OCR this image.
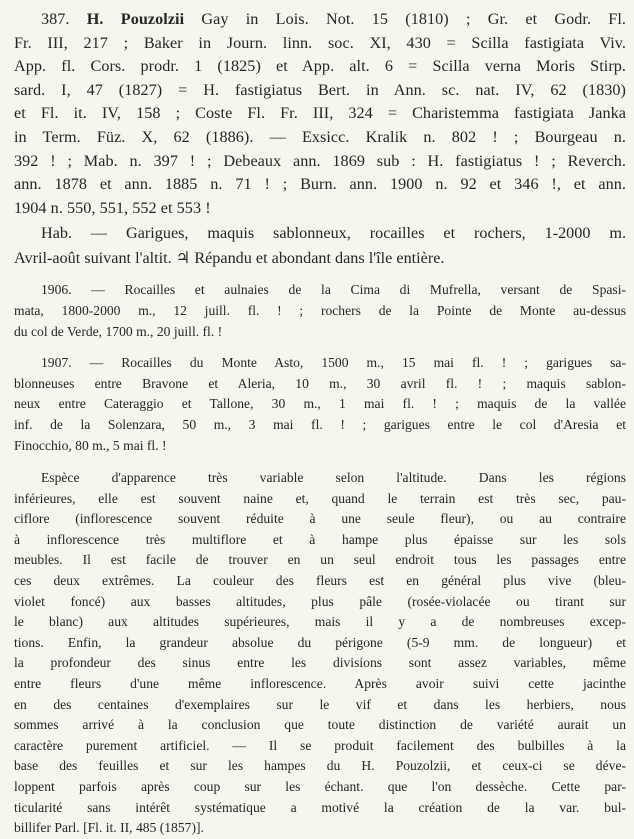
387. H. Pouzolzii Gay in Lois. Not. 15 (1810) ; Gr. et Godr. Fl.
Fr. III, 217 ; Baker in Journ. linn. soc. XI, 430 = Scilla fastigiata Viv.
App. fl. Cors. prodr. 1 (1825) et App. alt. 6 = Scilla verna Moris Stirp.
sard. I, 47 (1827) = H. fastigiatus Bert. in Ann. sc. nat. IV, 62 (1830)
et Fl. it. IV, 158 ; Coste Fl. Fr. III, 324 = Charistemma fastigiata Janka
in Term. Füz. X, 62 (1886). — Exsicc. Kralik n. 802 ! ; Bourgeau n.
392 ! ; Mab. n. 397 ! ; Debeaux ann. 1869 sub : H. fastigiatus ! ; Reverch.
ann. 1878 et ann. 1885 n. 71 ! ; Burn. ann. 1900 n. 92 et 346 !, et ann.
1904 n. 550, 551, 552 et 553 !
Hab. — Garigues, maquis sablonneux, rocailles et rochers, 1-2000 m.
Avril-août suivant l'altit. ♃ Répandu et abondant dans l'île entière.
1906. — Rocailles et aulnaies de la Cima di Mufrella, versant de Spasi-
mata, 1800-2000 m., 12 juill. fl. ! ; rochers de la Pointe de Monte au-dessus
du col de Verde, 1700 m., 20 juill. fl. !
1907. — Rocailles du Monte Asto, 1500 m., 15 mai fl. ! ; garigues sa-
blonneuses entre Bravone et Aleria, 10 m., 30 avril fl. ! ; maquis sablon-
neux entre Cateraggio et Tallone, 30 m., 1 mai fl. ! ; maquis de la vallée
inf. de la Solenzara, 50 m., 3 mai fl. ! ; garigues entre le col d'Aresia et
Finocchio, 80 m., 5 mai fl. !
Espèce d'apparence très variable selon l'altitude. Dans les régions
inférieures, elle est souvent naine et, quand le terrain est très sec, pau-
ciflore (inflorescence souvent réduite à une seule fleur), ou au contraire
à inflorescence très multiflore et à hampe plus épaisse sur les sols
meubles. Il est facile de trouver en un seul endroit tous les passages entre
ces deux extrêmes. La couleur des fleurs est en général plus vive (bleu-
violet foncé) aux basses altitudes, plus pâle (rosée-violacée ou tirant sur
le blanc) aux altitudes supérieures, mais il y a de nombreuses excep-
tions. Enfin, la grandeur absolue du périgone (5-9 mm. de longueur) et
la profondeur des sinus entre les divisions sont assez variables, même
entre fleurs d'une même inflorescence. Après avoir suivi cette jacinthe
en des centaines d'exemplaires sur le vif et dans les herbiers, nous
sommes arrivé à la conclusion que toute distinction de variété aurait un
caractère purement artificiel. — Il se produit facilement des bulbilles à la
base des feuilles et sur les hampes du H. Pouzolzii, et ceux-ci se déve-
loppent parfois après coup sur les échant. que l'on dessèche. Cette par-
ticularité sans intérêt systématique a motivé la création de la var. bul-
billifer Parl. [Fl. it. II, 485 (1857)].
